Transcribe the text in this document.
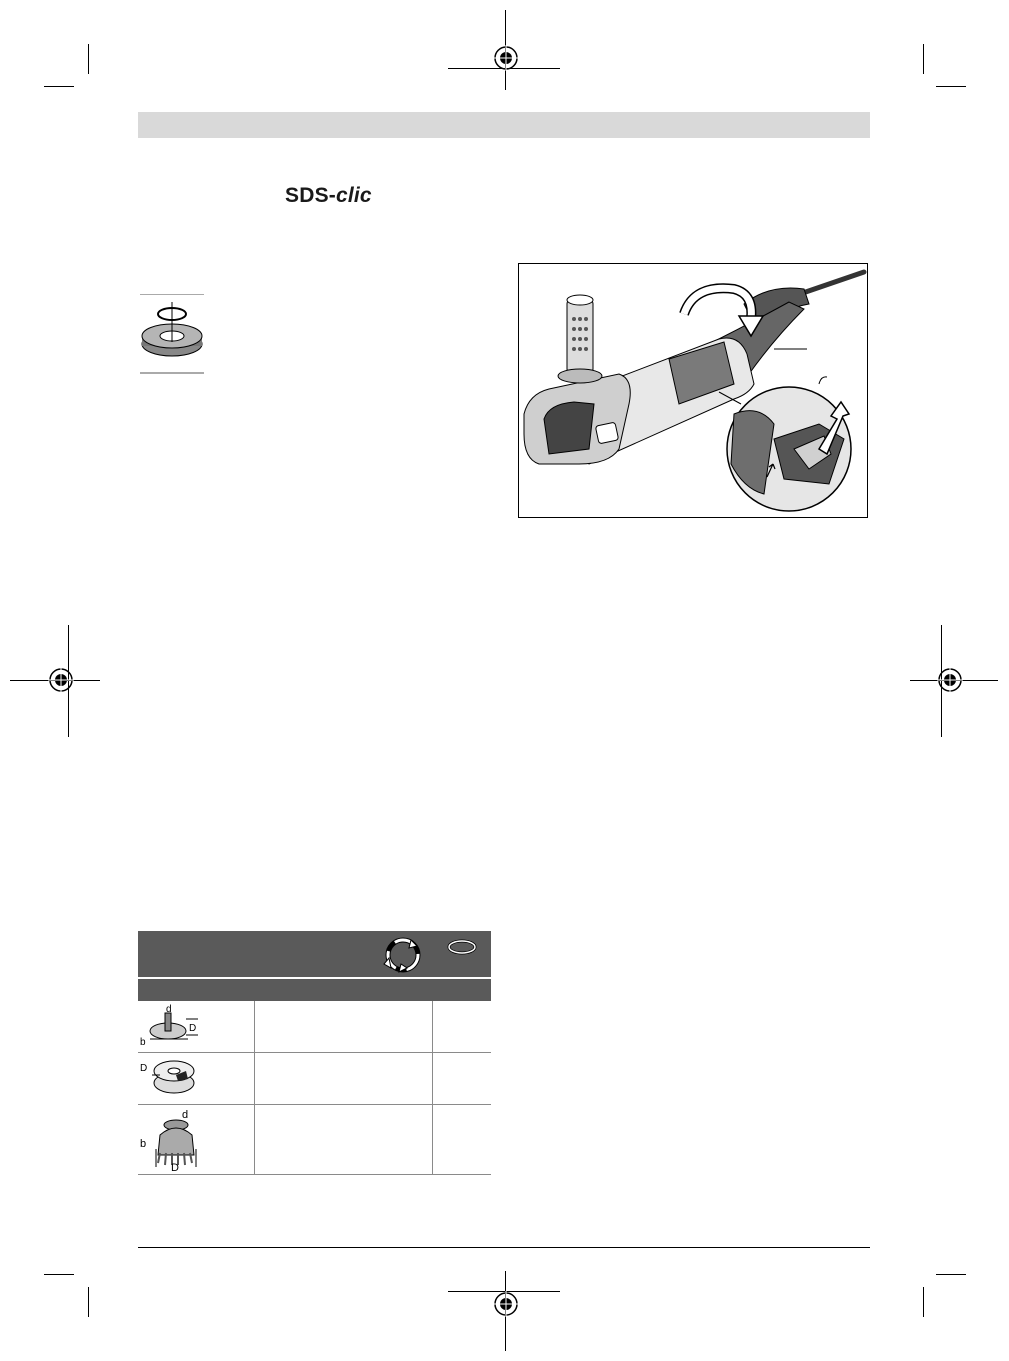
SDS-clic
d
D
b
D
d
b
D
